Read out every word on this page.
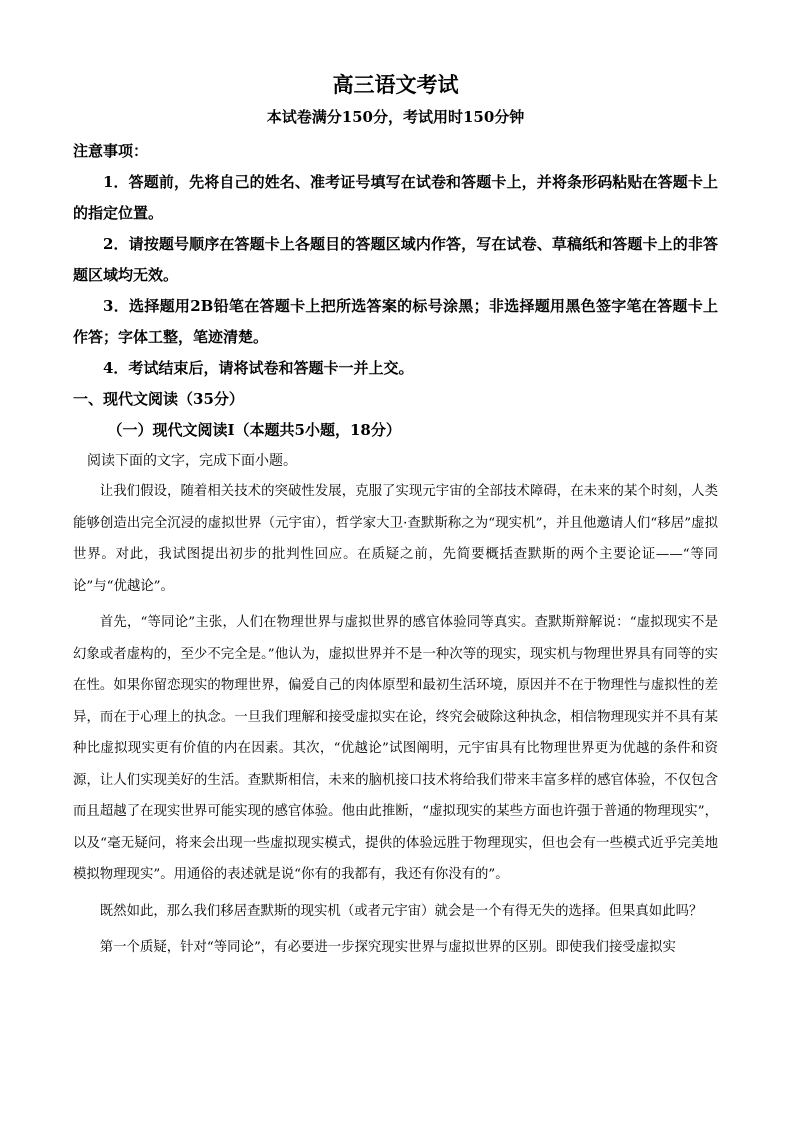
高三语文考试

本试卷满分150分，考试用时150分钟

注意事项：

1．答题前，先将自己的姓名、准考证号填写在试卷和答题卡上，并将条形码粘贴在答题卡上的指定位置。

2．请按题号顺序在答题卡上各题目的答题区域内作答，写在试卷、草稿纸和答题卡上的非答题区域均无效。

3．选择题用2B铅笔在答题卡上把所选答案的标号涂黑；非选择题用黑色签字笔在答题卡上作答；字体工整，笔迹清楚。

4．考试结束后，请将试卷和答题卡一并上交。

一、现代文阅读（35分）

（一）现代文阅读Ⅰ（本题共5小题，18分）

阅读下面的文字，完成下面小题。

让我们假设，随着相关技术的突破性发展，克服了实现元宇宙的全部技术障碍，在未来的某个时刻，人类能够创造出完全沉浸的虚拟世界（元宇宙），哲学家大卫·查默斯称之为“现实机”，并且他邀请人们“移居”虚拟世界。对此，我试图提出初步的批判性回应。在质疑之前，先简要概括查默斯的两个主要论证——“等同论”与“优越论”。

首先，“等同论”主张，人们在物理世界与虚拟世界的感官体验同等真实。查默斯辩解说：“虚拟现实不是幻象或者虚构的，至少不完全是。”他认为，虚拟世界并不是一种次等的现实，现实机与物理世界具有同等的实在性。如果你留恋现实的物理世界，偏爱自己的肉体原型和最初生活环境，原因并不在于物理性与虚拟性的差异，而在于心理上的执念。一旦我们理解和接受虚拟实在论，终究会破除这种执念，相信物理现实并不具有某种比虚拟现实更有价值的内在因素。其次，“优越论”试图阐明，元宇宙具有比物理世界更为优越的条件和资源，让人们实现美好的生活。查默斯相信，未来的脑机接口技术将给我们带来丰富多样的感官体验，不仅包含而且超越了在现实世界可能实现的感官体验。他由此推断，“虚拟现实的某些方面也许强于普通的物理现实”，以及“毫无疑问，将来会出现一些虚拟现实模式，提供的体验远胜于物理现实，但也会有一些模式近乎完美地模拟物理现实”。用通俗的表述就是说“你有的我都有，我还有你没有的”。

既然如此，那么我们移居查默斯的现实机（或者元宇宙）就会是一个有得无失的选择。但果真如此吗？

第一个质疑，针对“等同论”，有必要进一步探究现实世界与虚拟世界的区别。即使我们接受虚拟实
